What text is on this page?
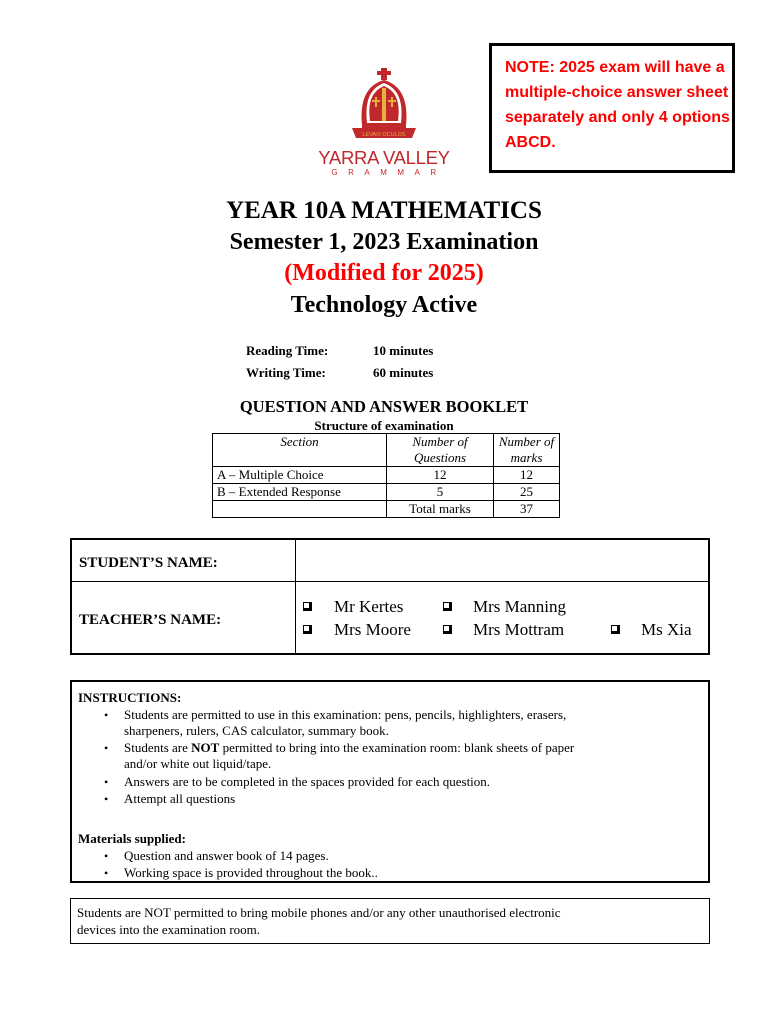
LEVAVI OCULOS
YARRA VALLEY
GRAMMAR
NOTE: 2025 exam will have a multiple-choice answer sheet separately and only 4 options ABCD.
YEAR 10A MATHEMATICS
Semester 1, 2023 Examination
(Modified for 2025)
Technology Active
Reading Time:	10 minutes
Writing Time:	60 minutes
QUESTION AND ANSWER BOOKLET
Structure of examination
Section	Number of Questions	Number of marks
A – Multiple Choice	12	12
B – Extended Response	5	25
	Total marks	37
STUDENT’S NAME:
TEACHER’S NAME:
Mr Kertes	Mrs Manning
Mrs Moore	Mrs Mottram	Ms Xia
INSTRUCTIONS:
• Students are permitted to use in this examination: pens, pencils, highlighters, erasers,
sharpeners, rulers, CAS calculator, summary book.
• Students are NOT permitted to bring into the examination room: blank sheets of paper
and/or white out liquid/tape.
• Answers are to be completed in the spaces provided for each question.
• Attempt all questions
Materials supplied:
• Question and answer book of 14 pages.
• Working space is provided throughout the book..
Students are NOT permitted to bring mobile phones and/or any other unauthorised electronic
devices into the examination room.
